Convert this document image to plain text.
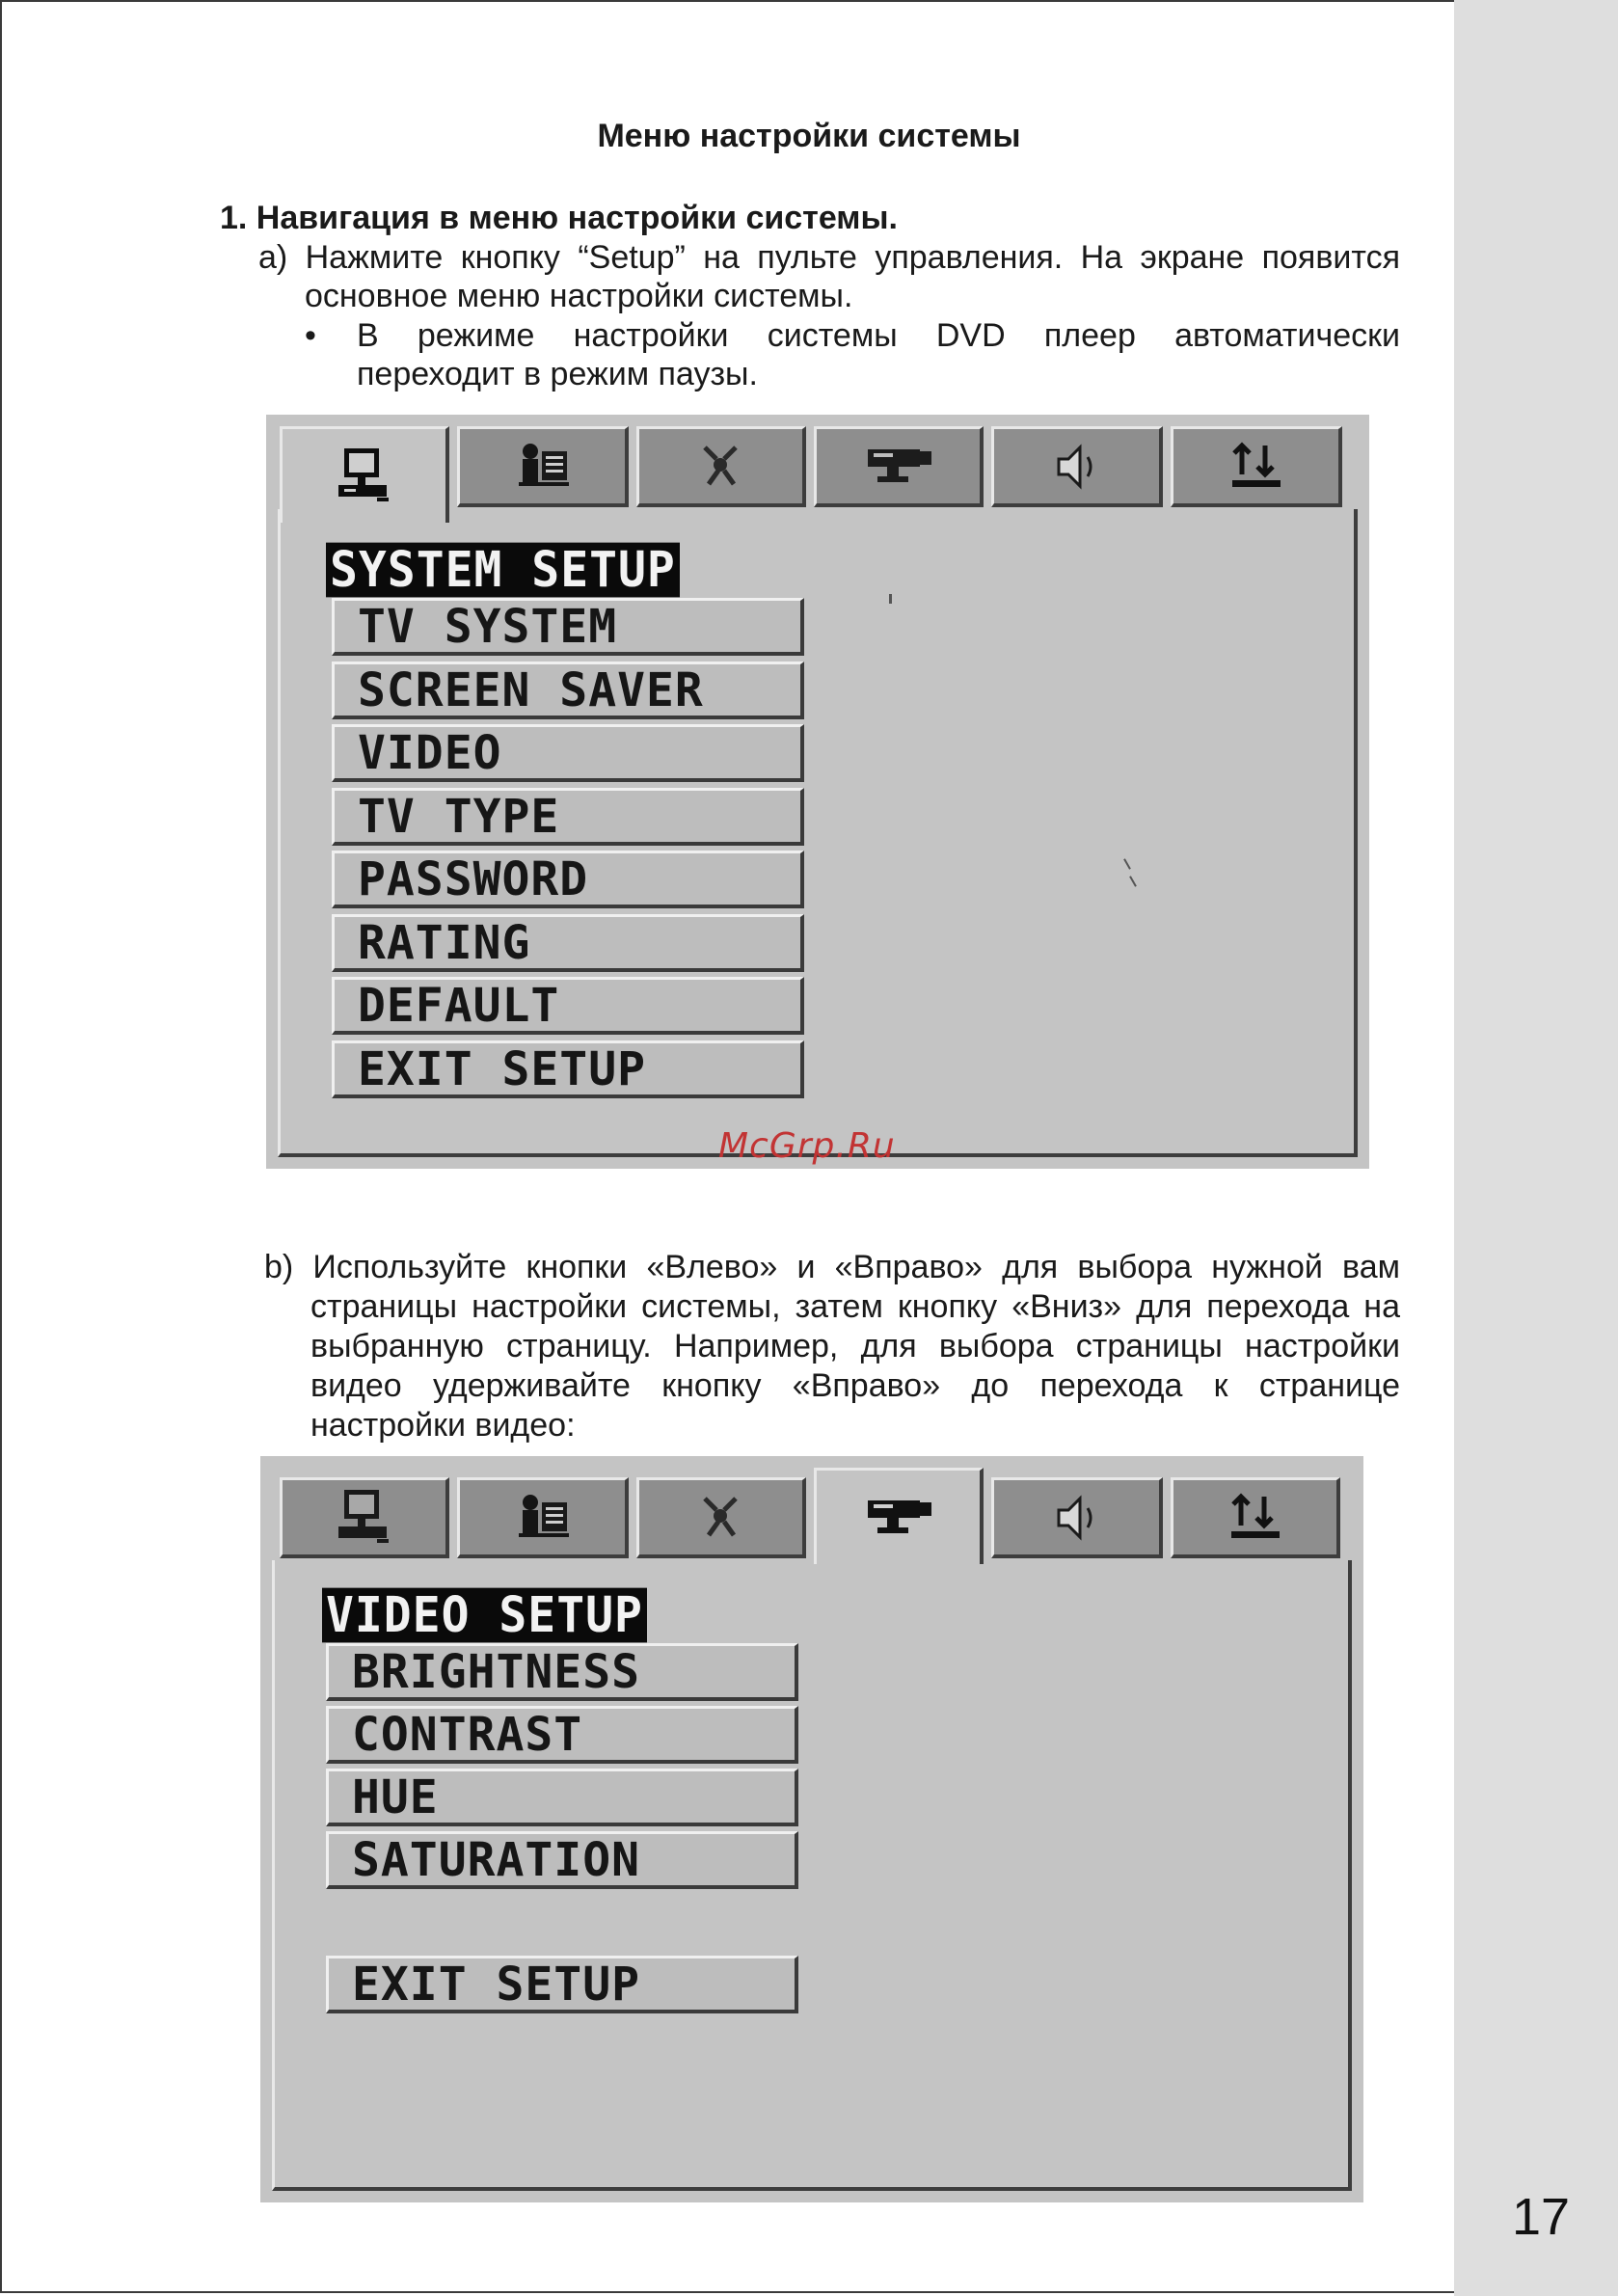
Меню настройки системы
1. Навигация в меню настройки системы.
a) Нажмите кнопку “Setup” на пульте управления. На экране появится
основное меню настройки системы.
• В режиме настройки системы DVD плеер автоматически
переходит в режим паузы.
SYSTEM SETUP
TV SYSTEM
SCREEN SAVER
VIDEO
TV TYPE
PASSWORD
RATING
DEFAULT
EXIT SETUP
McGrp.Ru
b) Используйте кнопки «Влево» и «Вправо» для выбора нужной вам
страницы настройки системы, затем кнопку «Вниз» для перехода на
выбранную страницу. Например, для выбора страницы настройки
видео удерживайте кнопку «Вправо» до перехода к странице
настройки видео:
VIDEO SETUP
BRIGHTNESS
CONTRAST
HUE
SATURATION
EXIT SETUP
17
